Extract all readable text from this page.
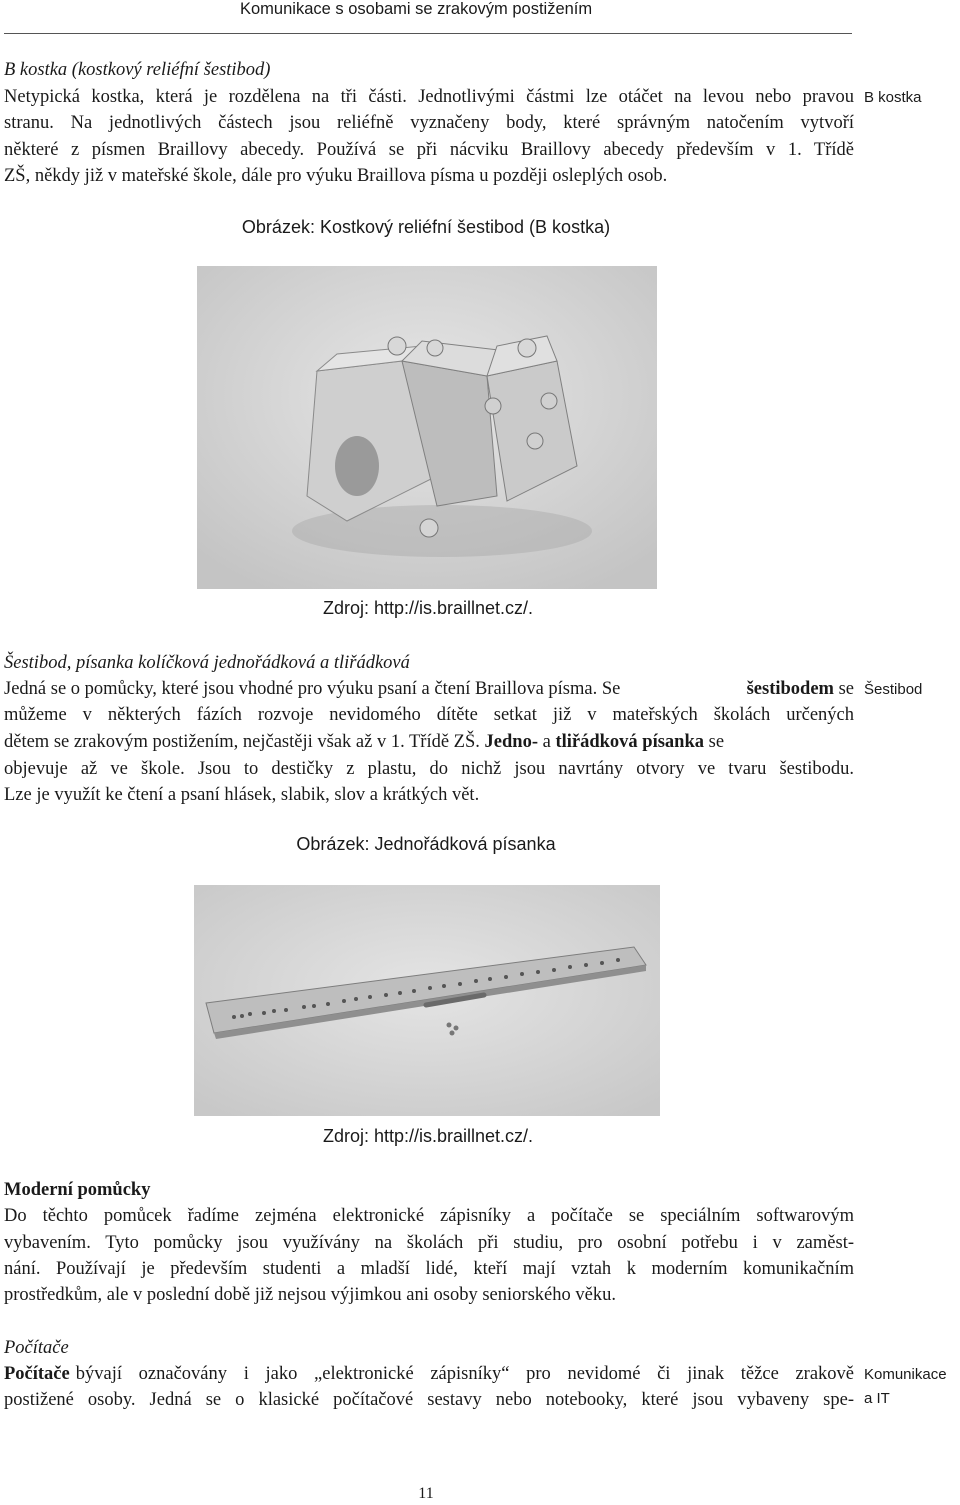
Komunikace s osobami se zrakovým postižením
B kostka (kostkový reliéfní šestibod)
Netypická kostka, která je rozdělena na tři části. Jednotlivými částmi lze otáčet na levou nebo pravou
stranu. Na jednotlivých částech jsou reliéfně vyznačeny body, které správným natočením vytvoří
některé z písmen Braillovy abecedy. Používá se při nácviku Braillovy abecedy především v 1. Třídě
ZŠ, někdy již v mateřské škole, dále pro výuku Braillova písma u později osleplých osob.
B kostka
Obrázek: Kostkový reliéfní šestibod (B kostka)
Zdroj: http://is.braillnet.cz/.
Šestibod, písanka kolíčková jednořádková a tliřádková
Jedná se o pomůcky, které jsou vhodné pro výuku psaní a čtení Braillova písma. Se	šestibodem se
můžeme v některých fázích rozvoje nevidomého dítěte setkat již v mateřských školách určených
dětem se zrakovým postižením, nejčastěji však až v 1. Třídě ZŠ. Jedno- a tliřádková písanka se
objevuje až ve škole. Jsou to destičky z plastu, do nichž jsou navrtány otvory ve tvaru šestibodu.
Lze je využít ke čtení a psaní hlásek, slabik, slov a krátkých vět.
Šestibod
Obrázek: Jednořádková písanka
Zdroj: http://is.braillnet.cz/.
Moderní pomůcky
Do těchto pomůcek řadíme zejména elektronické zápisníky a počítače se speciálním softwarovým
vybavením. Tyto pomůcky jsou využívány na školách při studiu, pro osobní potřebu i v zaměst-
nání. Používají je především studenti a mladší lidé, kteří mají vztah k moderním komunikačním
prostředkům, ale v poslední době již nejsou výjimkou ani osoby seniorského věku.
Počítače
Počítače bývají označovány i jako „elektronické zápisníky“ pro nevidomé či jinak těžce zrakově
postižené osoby. Jedná se o klasické počítačové sestavy nebo notebooky, které jsou vybaveny spe-
Komunikace
a IT
11
